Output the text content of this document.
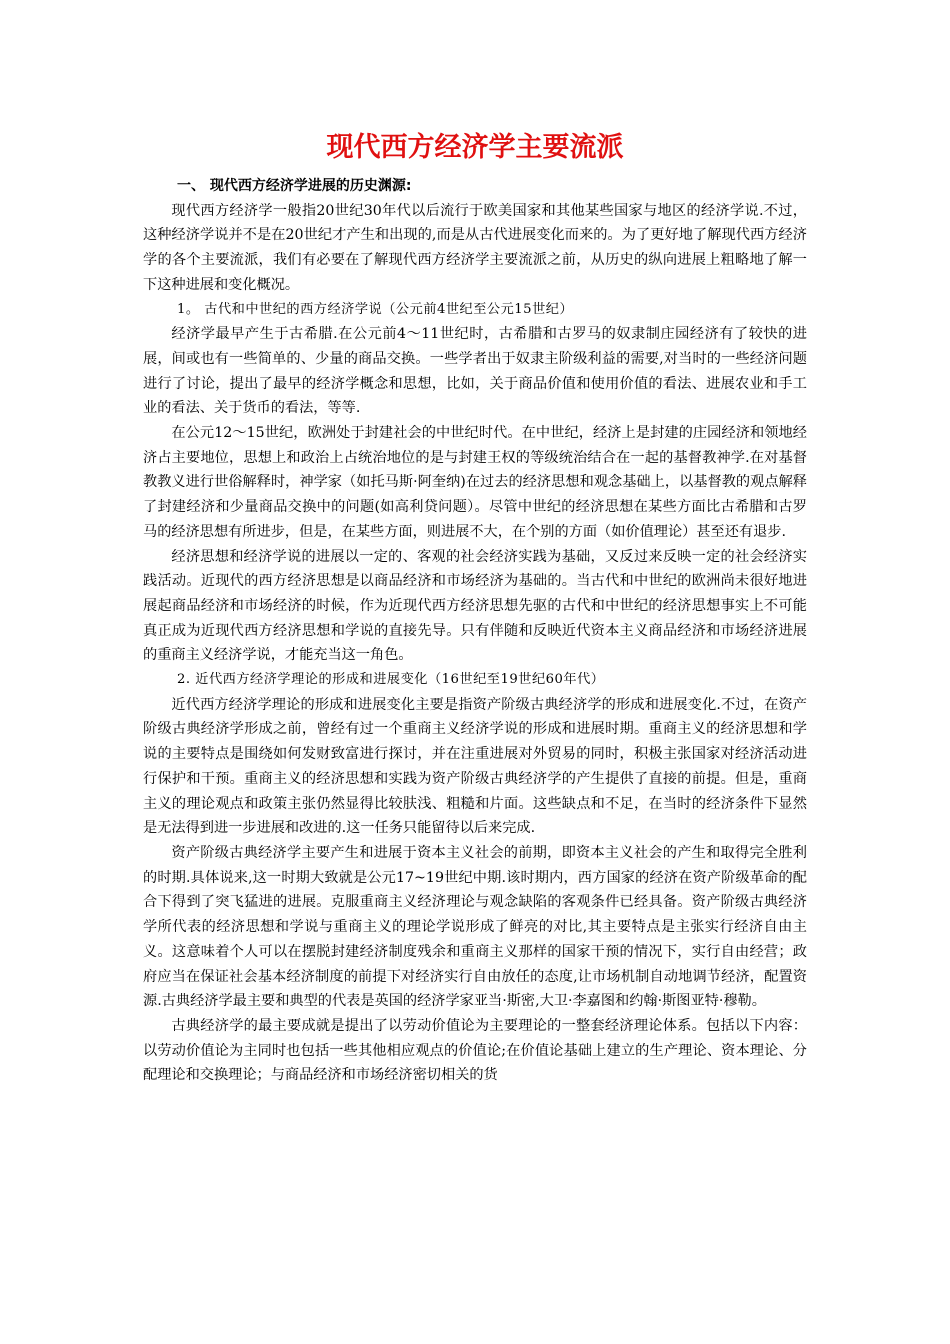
现代西方经济学主要流派

一、 现代西方经济学进展的历史渊源:

现代西方经济学一般指20世纪30年代以后流行于欧美国家和其他某些国家与地区的经济学说.不过，这种经济学说并不是在20世纪才产生和出现的,而是从古代进展变化而来的。为了更好地了解现代西方经济学的各个主要流派，我们有必要在了解现代西方经济学主要流派之前，从历史的纵向进展上粗略地了解一下这种进展和变化概况。

1。 古代和中世纪的西方经济学说（公元前4世纪至公元15世纪）

经济学最早产生于古希腊.在公元前4～11世纪时，古希腊和古罗马的奴隶制庄园经济有了较快的进展，间或也有一些简单的、少量的商品交换。一些学者出于奴隶主阶级利益的需要,对当时的一些经济问题进行了讨论，提出了最早的经济学概念和思想，比如，关于商品价值和使用价值的看法、进展农业和手工业的看法、关于货币的看法，等等.

在公元12～15世纪，欧洲处于封建社会的中世纪时代。在中世纪，经济上是封建的庄园经济和领地经济占主要地位，思想上和政治上占统治地位的是与封建王权的等级统治结合在一起的基督教神学.在对基督教教义进行世俗解释时，神学家（如托马斯·阿奎纳)在过去的经济思想和观念基础上，以基督教的观点解释了封建经济和少量商品交换中的问题(如高利贷问题）。尽管中世纪的经济思想在某些方面比古希腊和古罗马的经济思想有所进步，但是，在某些方面，则进展不大，在个别的方面（如价值理论）甚至还有退步.

经济思想和经济学说的进展以一定的、客观的社会经济实践为基础，又反过来反映一定的社会经济实践活动。近现代的西方经济思想是以商品经济和市场经济为基础的。当古代和中世纪的欧洲尚未很好地进展起商品经济和市场经济的时候，作为近现代西方经济思想先驱的古代和中世纪的经济思想事实上不可能真正成为近现代西方经济思想和学说的直接先导。只有伴随和反映近代资本主义商品经济和市场经济进展的重商主义经济学说，才能充当这一角色。

2. 近代西方经济学理论的形成和进展变化（16世纪至19世纪60年代）

近代西方经济学理论的形成和进展变化主要是指资产阶级古典经济学的形成和进展变化.不过，在资产阶级古典经济学形成之前，曾经有过一个重商主义经济学说的形成和进展时期。重商主义的经济思想和学说的主要特点是围绕如何发财致富进行探讨，并在注重进展对外贸易的同时，积极主张国家对经济活动进行保护和干预。重商主义的经济思想和实践为资产阶级古典经济学的产生提供了直接的前提。但是，重商主义的理论观点和政策主张仍然显得比较肤浅、粗糙和片面。这些缺点和不足，在当时的经济条件下显然是无法得到进一步进展和改进的.这一任务只能留待以后来完成.

资产阶级古典经济学主要产生和进展于资本主义社会的前期，即资本主义社会的产生和取得完全胜利的时期.具体说来,这一时期大致就是公元17~19世纪中期.该时期内，西方国家的经济在资产阶级革命的配合下得到了突飞猛进的进展。克服重商主义经济理论与观念缺陷的客观条件已经具备。资产阶级古典经济学所代表的经济思想和学说与重商主义的理论学说形成了鲜亮的对比,其主要特点是主张实行经济自由主义。这意味着个人可以在摆脱封建经济制度残余和重商主义那样的国家干预的情况下，实行自由经营；政府应当在保证社会基本经济制度的前提下对经济实行自由放任的态度,让市场机制自动地调节经济，配置资源.古典经济学最主要和典型的代表是英国的经济学家亚当·斯密,大卫·李嘉图和约翰·斯图亚特·穆勒。

古典经济学的最主要成就是提出了以劳动价值论为主要理论的一整套经济理论体系。包括以下内容：以劳动价值论为主同时也包括一些其他相应观点的价值论;在价值论基础上建立的生产理论、资本理论、分配理论和交换理论；与商品经济和市场经济密切相关的货
